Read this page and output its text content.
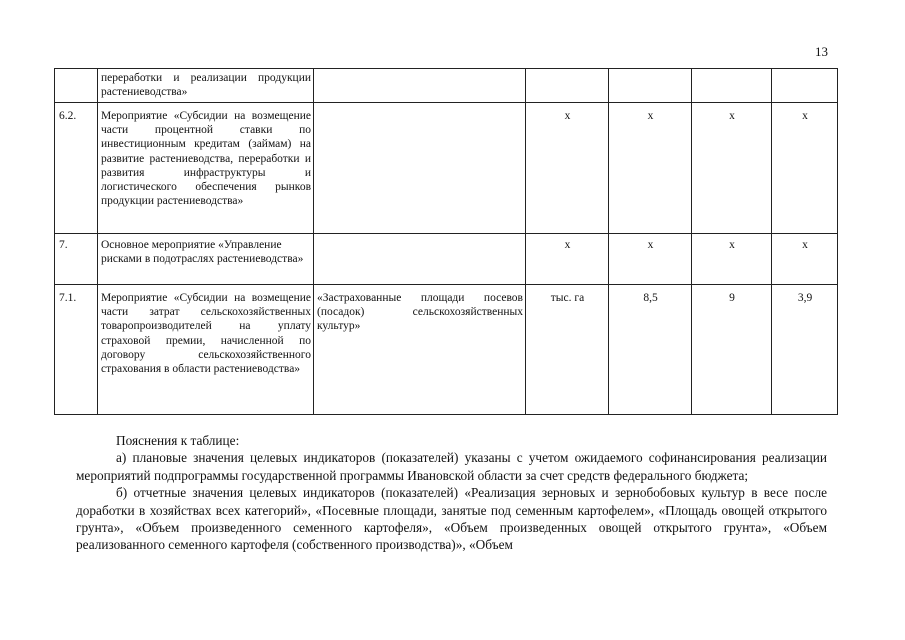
13
	переработки и реализации продукции растениеводства»					
6.2.	Мероприятие «Субсидии на возмещение части процентной ставки по инвестиционным кредитам (займам) на развитие растениеводства, переработки и развития инфраструктуры и логистического обеспечения рынков продукции растениеводства»		х	х	х	х
7.	Основное мероприятие «Управление рисками в подотраслях растениеводства»		х	х	х	х
7.1.	Мероприятие «Субсидии на возмещение части затрат сельскохозяйственных товаропроизводителей на уплату страховой премии, начисленной по договору сельскохозяйственного страхования в области растениеводства»	«Застрахованные площади посевов (посадок) сельскохозяйственных культур»	тыс. га	8,5	9	3,9

Пояснения к таблице:

а) плановые значения целевых индикаторов (показателей) указаны с учетом ожидаемого софинансирования реализации мероприятий подпрограммы государственной программы Ивановской области за счет средств федерального бюджета;

б) отчетные значения целевых индикаторов (показателей) «Реализация зерновых и зернобобовых культур в весе после доработки в хозяйствах всех категорий», «Посевные площади, занятые под семенным картофелем», «Площадь овощей открытого грунта», «Объем произведенного семенного картофеля», «Объем произведенных овощей открытого грунта», «Объем реализованного семенного картофеля (собственного производства)», «Объем
